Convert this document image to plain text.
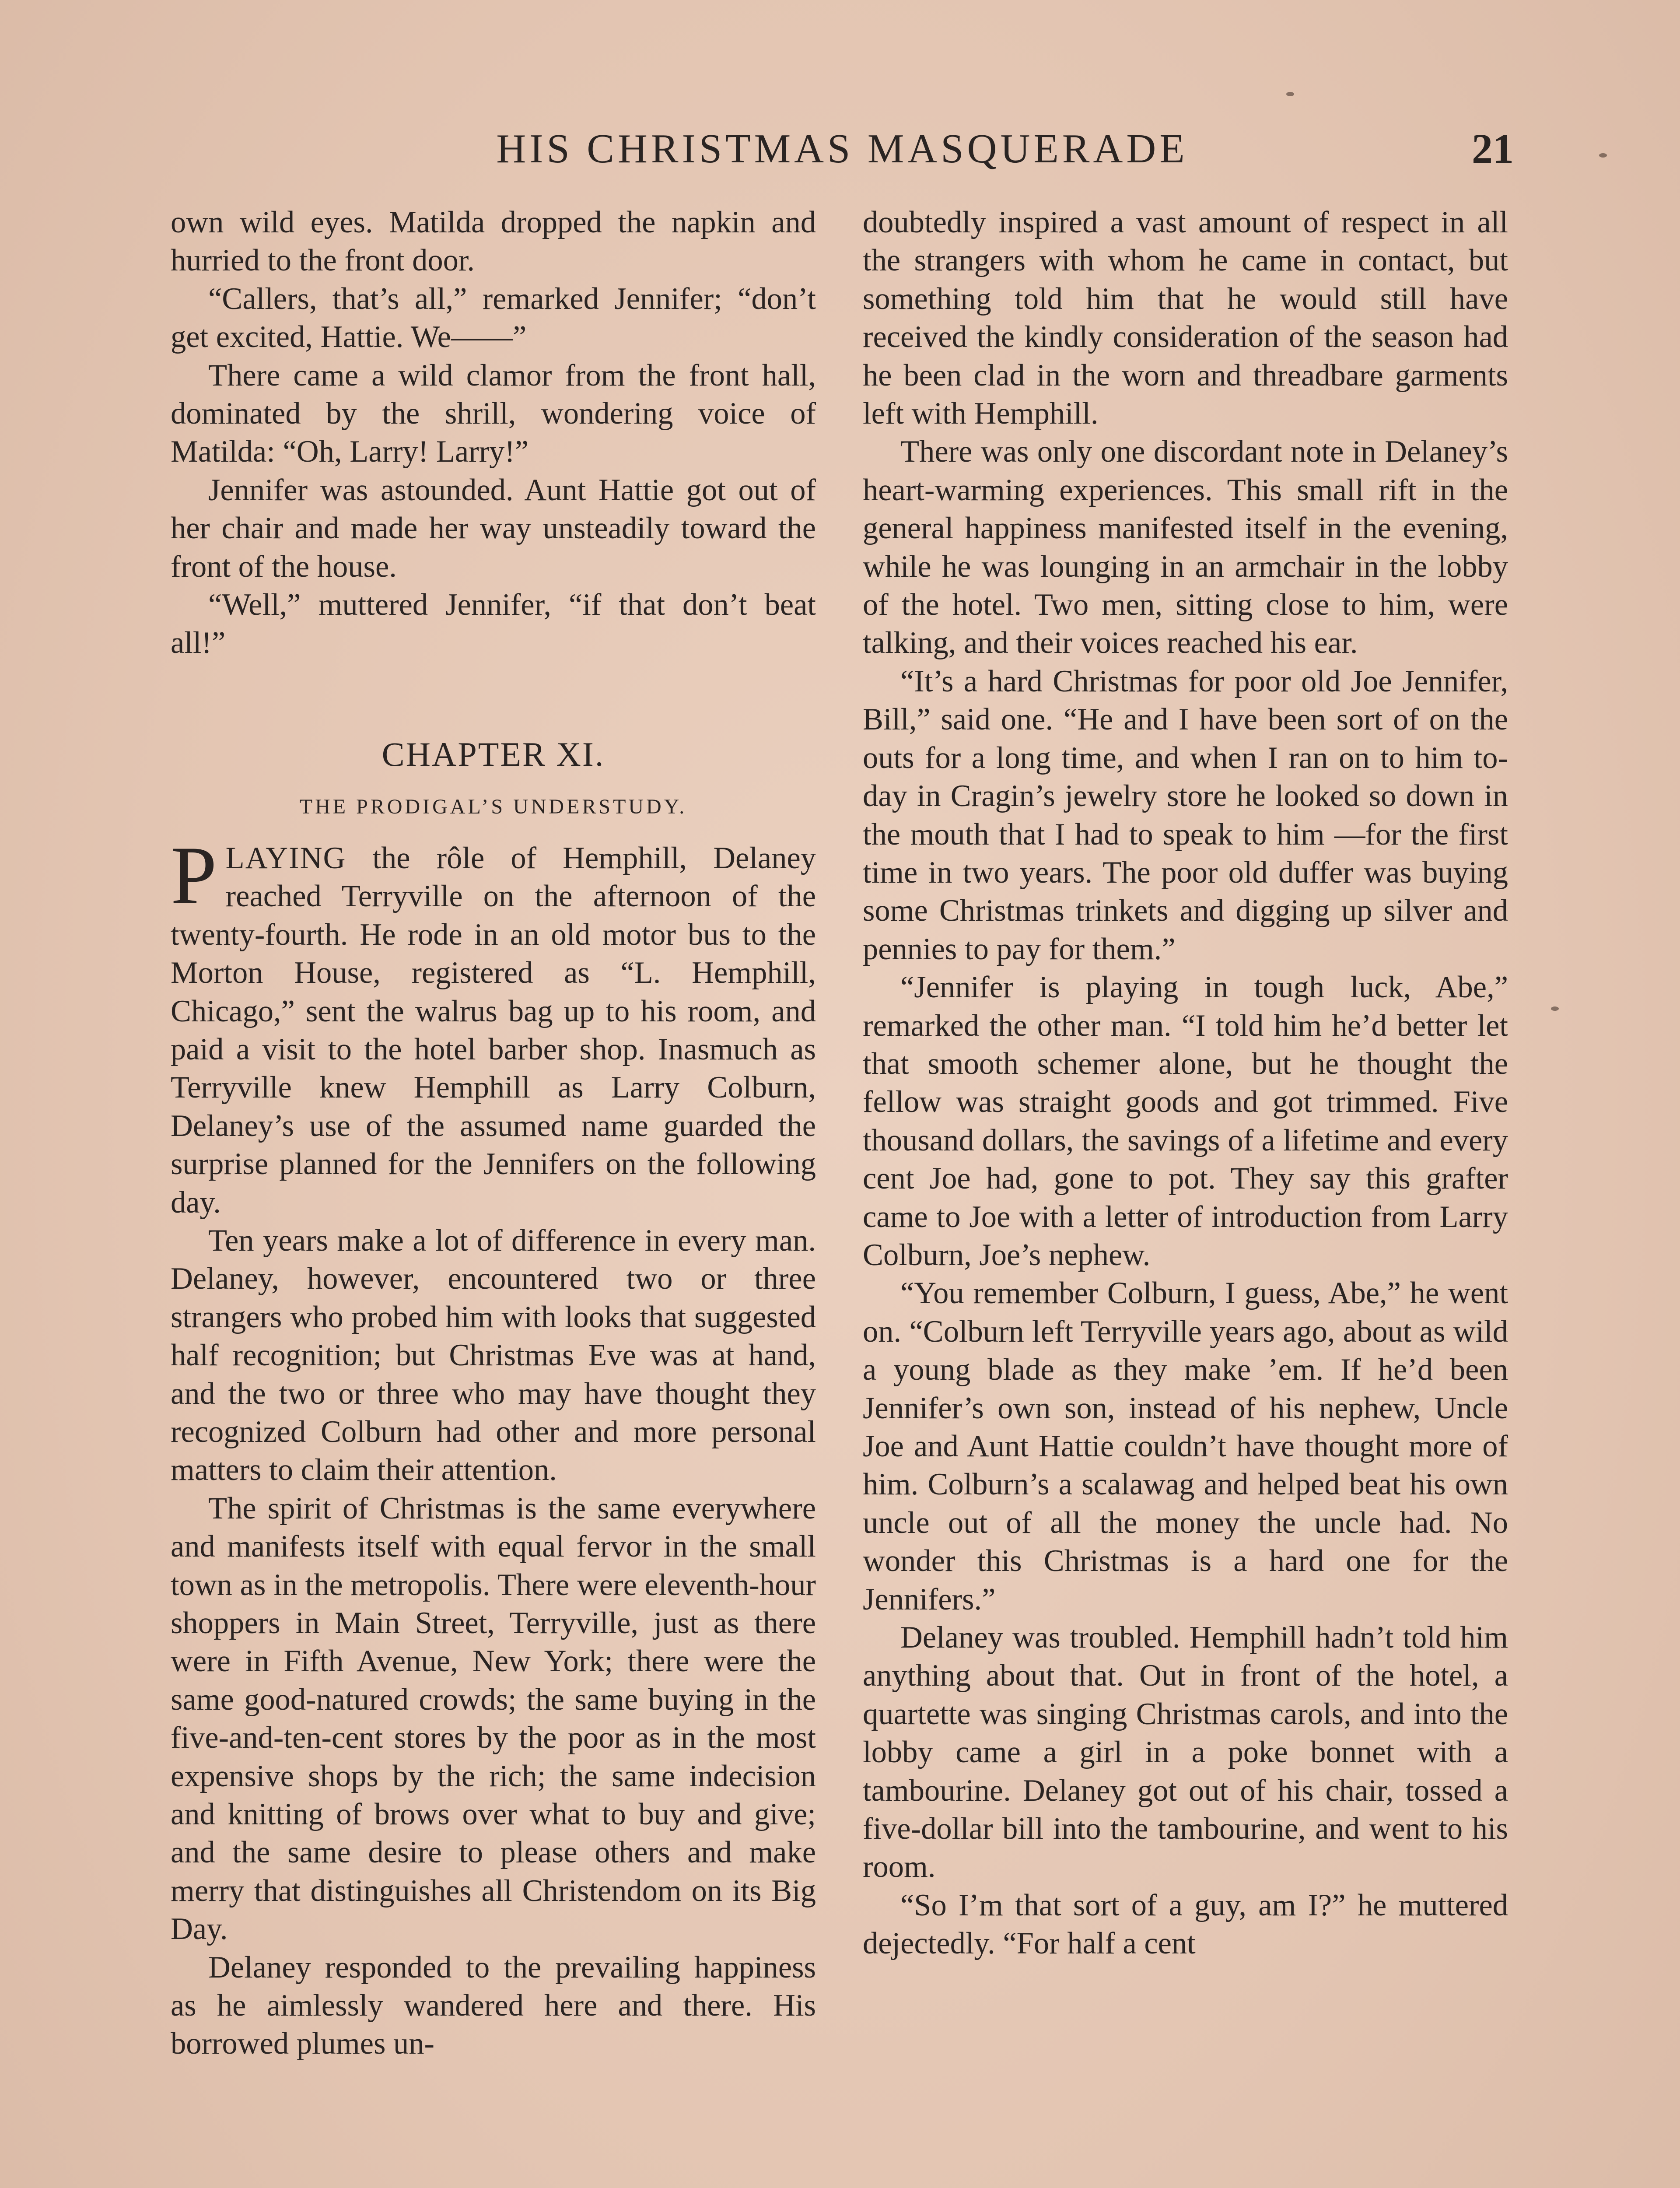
HIS CHRISTMAS MASQUERADE	21

own wild eyes. Matilda dropped the napkin and hurried to the front door.

“Callers, that’s all,” remarked Jennifer; “don’t get excited, Hattie. We——”

There came a wild clamor from the front hall, dominated by the shrill, wondering voice of Matilda: “Oh, Larry! Larry!”

Jennifer was astounded. Aunt Hattie got out of her chair and made her way unsteadily toward the front of the house.

“Well,” muttered Jennifer, “if that don’t beat all!”

CHAPTER XI.
THE PRODIGAL’S UNDERSTUDY.

PLAYING the rôle of Hemphill, Delaney reached Terryville on the afternoon of the twenty-fourth. He rode in an old motor bus to the Morton House, registered as “L. Hemphill, Chicago,” sent the walrus bag up to his room, and paid a visit to the hotel barber shop. Inasmuch as Terryville knew Hemphill as Larry Colburn, Delaney’s use of the assumed name guarded the surprise planned for the Jennifers on the following day.

Ten years make a lot of difference in every man. Delaney, however, encountered two or three strangers who probed him with looks that suggested half recognition; but Christmas Eve was at hand, and the two or three who may have thought they recognized Colburn had other and more personal matters to claim their attention.

The spirit of Christmas is the same everywhere and manifests itself with equal fervor in the small town as in the metropolis. There were eleventh-hour shoppers in Main Street, Terryville, just as there were in Fifth Avenue, New York; there were the same good-natured crowds; the same buying in the five-and-ten-cent stores by the poor as in the most expensive shops by the rich; the same indecision and knitting of brows over what to buy and give; and the same desire to please others and make merry that distinguishes all Christendom on its Big Day.

Delaney responded to the prevailing happiness as he aimlessly wandered here and there. His borrowed plumes un-

doubtedly inspired a vast amount of respect in all the strangers with whom he came in contact, but something told him that he would still have received the kindly consideration of the season had he been clad in the worn and threadbare garments left with Hemphill.

There was only one discordant note in Delaney’s heart-warming experiences. This small rift in the general happiness manifested itself in the evening, while he was lounging in an armchair in the lobby of the hotel. Two men, sitting close to him, were talking, and their voices reached his ear.

“It’s a hard Christmas for poor old Joe Jennifer, Bill,” said one. “He and I have been sort of on the outs for a long time, and when I ran on to him to-day in Cragin’s jewelry store he looked so down in the mouth that I had to speak to him —for the first time in two years. The poor old duffer was buying some Christmas trinkets and digging up silver and pennies to pay for them.”

“Jennifer is playing in tough luck, Abe,” remarked the other man. “I told him he’d better let that smooth schemer alone, but he thought the fellow was straight goods and got trimmed. Five thousand dollars, the savings of a lifetime and every cent Joe had, gone to pot. They say this grafter came to Joe with a letter of introduction from Larry Colburn, Joe’s nephew.

“You remember Colburn, I guess, Abe,” he went on. “Colburn left Terryville years ago, about as wild a young blade as they make ’em. If he’d been Jennifer’s own son, instead of his nephew, Uncle Joe and Aunt Hattie couldn’t have thought more of him. Colburn’s a scalawag and helped beat his own uncle out of all the money the uncle had. No wonder this Christmas is a hard one for the Jennifers.”

Delaney was troubled. Hemphill hadn’t told him anything about that. Out in front of the hotel, a quartette was singing Christmas carols, and into the lobby came a girl in a poke bonnet with a tambourine. Delaney got out of his chair, tossed a five-dollar bill into the tambourine, and went to his room.

“So I’m that sort of a guy, am I?” he muttered dejectedly. “For half a cent
